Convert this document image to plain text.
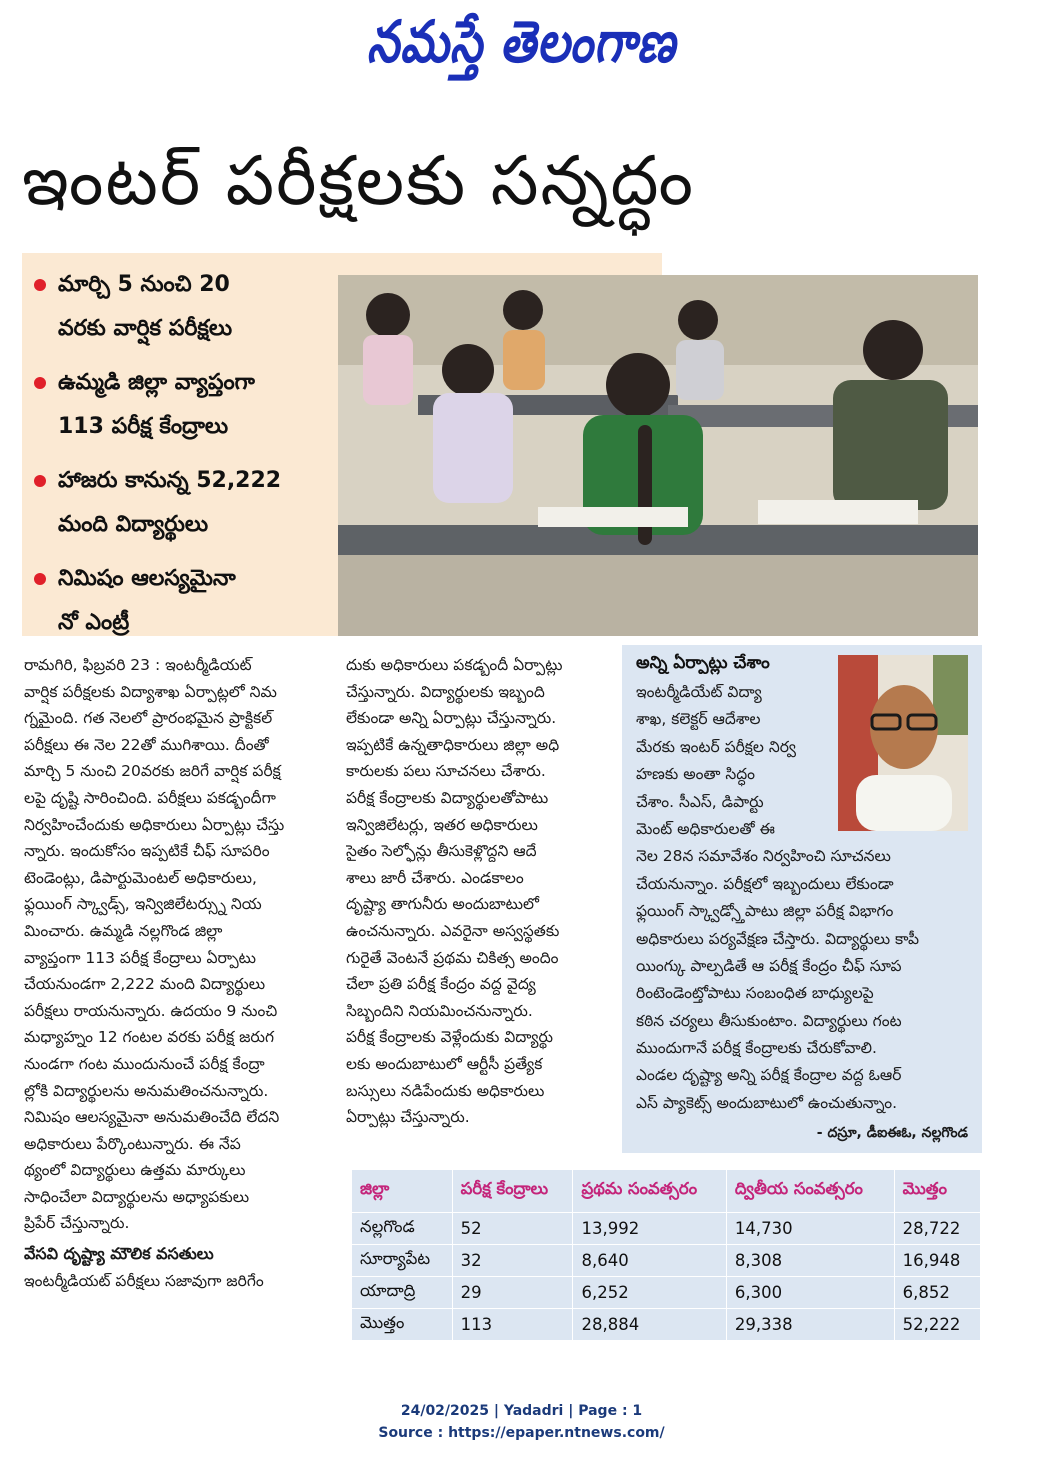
నమస్తే తెలంగాణ
ఇంటర్ పరీక్షలకు సన్నద్ధం
మార్చి 5 నుంచి 20
వరకు వార్షిక పరీక్షలు
ఉమ్మడి జిల్లా వ్యాప్తంగా
113 పరీక్ష కేంద్రాలు
హాజరు కానున్న 52,222
మంది విద్యార్థులు
నిమిషం ఆలస్యమైనా
నో ఎంట్రీ
రామగిరి, ఫిబ్రవరి 23 : ఇంటర్మీడియట్
వార్షిక పరీక్షలకు విద్యాశాఖ ఏర్పాట్లలో నిమ
గ్నమైంది. గత నెలలో ప్రారంభమైన ప్రాక్టికల్
పరీక్షలు ఈ నెల 22తో ముగిశాయి. దీంతో
మార్చి 5 నుంచి 20వరకు జరిగే వార్షిక పరీక్ష
లపై దృష్టి సారించింది. పరీక్షలు పకడ్బందీగా
నిర్వహించేందుకు అధికారులు ఏర్పాట్లు చేస్తు
న్నారు. ఇందుకోసం ఇప్పటికే చీఫ్ సూపరిం
టెండెంట్లు, డిపార్టుమెంటల్ అధికారులు,
ఫ్లయింగ్ స్క్వాడ్స్, ఇన్విజిలేటర్స్ను నియ
మించారు. ఉమ్మడి నల్లగొండ జిల్లా
వ్యాప్తంగా 113 పరీక్ష కేంద్రాలు ఏర్పాటు
చేయనుండగా 2,222 మంది విద్యార్థులు
పరీక్షలు రాయనున్నారు. ఉదయం 9 నుంచి
మధ్యాహ్నం 12 గంటల వరకు పరీక్ష జరుగ
నుండగా గంట ముందునుంచే పరీక్ష కేంద్రా
ల్లోకి విద్యార్థులను అనుమతించనున్నారు.
నిమిషం ఆలస్యమైనా అనుమతించేది లేదని
అధికారులు పేర్కొంటున్నారు. ఈ నేప
థ్యంలో విద్యార్థులు ఉత్తమ మార్కులు
సాధించేలా విద్యార్థులను అధ్యాపకులు
ప్రిపేర్ చేస్తున్నారు.
వేసవి దృష్ట్యా మౌలిక వసతులు
ఇంటర్మీడియట్ పరీక్షలు సజావుగా జరిగేం
దుకు అధికారులు పకడ్బందీ ఏర్పాట్లు
చేస్తున్నారు. విద్యార్థులకు ఇబ్బంది
లేకుండా అన్ని ఏర్పాట్లు చేస్తున్నారు.
ఇప్పటికే ఉన్నతాధికారులు జిల్లా అధి
కారులకు పలు సూచనలు చేశారు.
పరీక్ష కేంద్రాలకు విద్యార్థులతోపాటు
ఇన్విజిలేటర్లు, ఇతర అధికారులు
సైతం సెల్ఫోన్లు తీసుకెళ్లొద్దని ఆదే
శాలు జారీ చేశారు. ఎండకాలం
దృష్ట్యా తాగునీరు అందుబాటులో
ఉంచనున్నారు. ఎవరైనా అస్వస్థతకు
గురైతే వెంటనే ప్రథమ చికిత్స అందిం
చేలా ప్రతి పరీక్ష కేంద్రం వద్ద వైద్య
సిబ్బందిని నియమించనున్నారు.
పరీక్ష కేంద్రాలకు వెళ్లేందుకు విద్యార్థు
లకు అందుబాటులో ఆర్టీసీ ప్రత్యేక
బస్సులు నడిపేందుకు అధికారులు
ఏర్పాట్లు చేస్తున్నారు.
అన్ని ఏర్పాట్లు చేశాం
ఇంటర్మీడియేట్ విద్యా
శాఖ, కలెక్టర్ ఆదేశాల
మేరకు ఇంటర్ పరీక్షల నిర్వ
హణకు అంతా సిద్ధం
చేశాం. సీఎస్, డిపార్టు
మెంట్ అధికారులతో ఈ
నెల 28న సమావేశం నిర్వహించి సూచనలు
చేయనున్నాం. పరీక్షలో ఇబ్బందులు లేకుండా
ఫ్లయింగ్ స్క్వాడ్స్తోపాటు జిల్లా పరీక్ష విభాగం
అధికారులు పర్యవేక్షణ చేస్తారు. విద్యార్థులు కాపీ
యింగ్కు పాల్పడితే ఆ పరీక్ష కేంద్రం చీఫ్ సూప
రింటెండెంట్తోపాటు సంబంధిత బాధ్యులపై
కఠిన చర్యలు తీసుకుంటాం. విద్యార్థులు గంట
ముందుగానే పరీక్ష కేంద్రాలకు చేరుకోవాలి.
ఎండల దృష్ట్యా అన్ని పరీక్ష కేంద్రాల వద్ద ఓఆర్
ఎస్ ప్యాకెట్స్ అందుబాటులో ఉంచుతున్నాం.
- దస్రూ, డీఐఈఓ, నల్లగొండ
జిల్లా	పరీక్ష కేంద్రాలు	ప్రథమ సంవత్సరం	ద్వితీయ సంవత్సరం	మొత్తం
నల్లగొండ	52	13,992	14,730	28,722
సూర్యాపేట	32	8,640	8,308	16,948
యాదాద్రి	29	6,252	6,300	6,852
మొత్తం	113	28,884	29,338	52,222
24/02/2025 | Yadadri | Page : 1
Source : https://epaper.ntnews.com/
